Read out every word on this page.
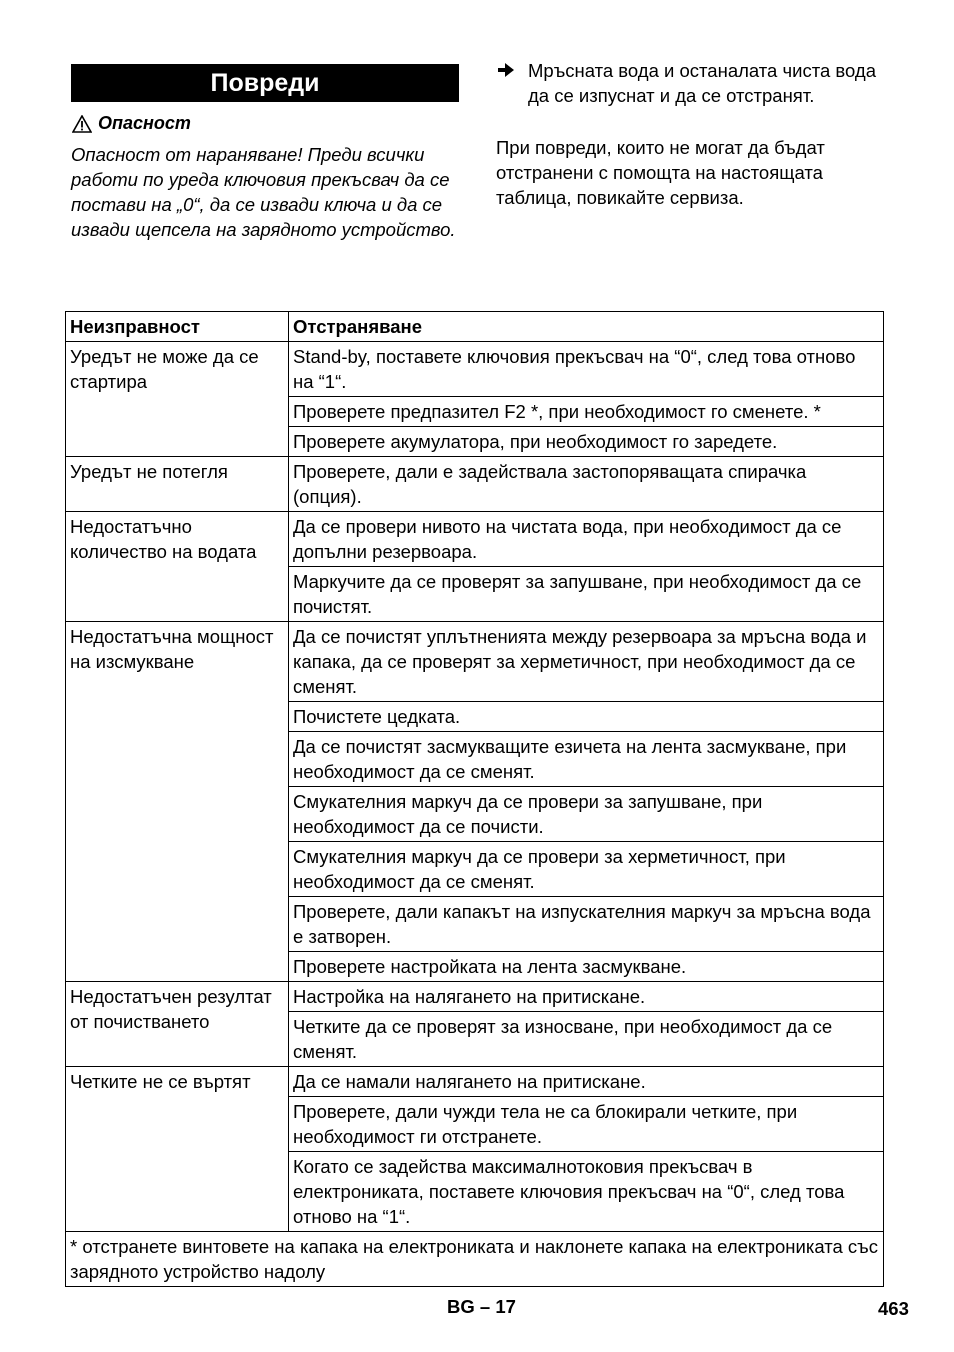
Повреди
Опасност
Опасност от нараняване! Преди всички работи по уреда ключовия прекъсвач да се постави на „0“, да се извади ключа и да се извади щепсела на зарядното устройство.
Мръсната вода и останалата чиста вода да се изпуснат и да се отстранят.
При повреди, които не могат да бъдат отстранени с помощта на настоящата таблица, повикайте сервиза.
Неизправност	Отстраняване
Уредът не може да се стартира	Stand-by, поставете ключовия прекъсвач на “0“, след това отново на “1“.
	Проверете предпазител F2 *, при необходимост го сменете. *
	Проверете акумулатора, при необходимост го заредете.
Уредът не потегля	Проверете, дали е задействала застопоряващата спирачка (опция).
Недостатъчно количество на водата	Да се провери нивото на чистата вода, при необходимост да се допълни резервоара.
	Маркучите да се проверят за запушване, при необходимост да се почистят.
Недостатъчна мощност на изсмукване	Да се почистят уплътненията между резервоара за мръсна вода и капака, да се проверят за херметичност, при необходимост да се сменят.
	Почистете цедката.
	Да се почистят засмукващите езичета на лента засмукване, при необходимост да се сменят.
	Смукателния маркуч да се провери за запушване, при необходимост да се почисти.
	Смукателния маркуч да се провери за херметичност, при необходимост да се сменят.
	Проверете, дали капакът на изпускателния маркуч за мръсна вода е затворен.
	Проверете настройката на лента засмукване.
Недостатъчен резултат от почистването	Настройка на налягането на притискане.
	Четките да се проверят за износване, при необходимост да се сменят.
Четките не се въртят	Да се намали налягането на притискане.
	Проверете, дали чужди тела не са блокирали четките, при необходимост ги отстранете.
	Когато се задейства максималнотоковия прекъсвач в електрониката, поставете ключовия прекъсвач на “0“, след това отново на “1“.
* отстранете винтовете на капака на електрониката и наклонете капака на електрониката със зарядното устройство надолу	
BG – 17	463
